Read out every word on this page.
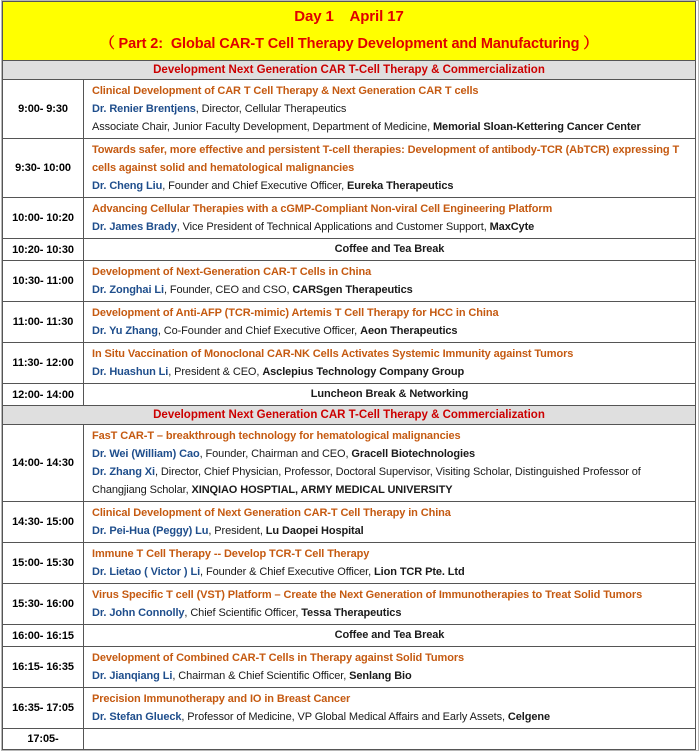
Day 1    April 17
（ Part 2:  Global CAR-T Cell Therapy Development and Manufacturing ）	

Development Next Generation CAR T-Cell Therapy & Commercialization	
9:00- 9:30	Clinical Development of CAR T Cell Therapy & Next Generation CAR T cells
Dr. Renier Brentjens, Director, Cellular Therapeutics
Associate Chair, Junior Faculty Development, Department of Medicine, Memorial Sloan-Kettering Cancer Center

9:30- 10:00	Towards safer, more effective and persistent T-cell therapies: Development of antibody-TCR (AbTCR) expressing T cells against solid and hematological malignancies
Dr. Cheng Liu, Founder and Chief Executive Officer, Eureka Therapeutics

10:00- 10:20	Advancing Cellular Therapies with a cGMP-Compliant Non-viral Cell Engineering Platform
Dr. James Brady, Vice President of Technical Applications and Customer Support, MaxCyte

10:20- 10:30	Coffee and Tea Break
10:30- 11:00	Development of Next-Generation CAR-T Cells in China
Dr. Zonghai Li, Founder, CEO and CSO, CARSgen Therapeutics

11:00- 11:30	Development of Anti-AFP (TCR-mimic) Artemis T Cell Therapy for HCC in China
Dr. Yu Zhang, Co-Founder and Chief Executive Officer, Aeon Therapeutics

11:30- 12:00	In Situ Vaccination of Monoclonal CAR-NK Cells Activates Systemic Immunity against Tumors
Dr. Huashun Li, President & CEO, Asclepius Technology Company Group

12:00- 14:00	Luncheon Break & Networking
Development Next Generation CAR T-Cell Therapy & Commercialization	
14:00- 14:30	FasT CAR-T – breakthrough technology for hematological malignancies
Dr. Wei (William) Cao, Founder, Chairman and CEO, Gracell Biotechnologies
Dr. Zhang Xi, Director, Chief Physician, Professor, Doctoral Supervisor, Visiting Scholar, Distinguished Professor of Changjiang Scholar, XINQIAO HOSPTIAL, ARMY MEDICAL UNIVERSITY

14:30- 15:00	Clinical Development of Next Generation CAR-T Cell Therapy in China
Dr. Pei-Hua (Peggy) Lu, President, Lu Daopei Hospital

15:00- 15:30	Immune T Cell Therapy -- Develop TCR-T Cell Therapy
Dr. Lietao ( Victor ) Li, Founder & Chief Executive Officer, Lion TCR Pte. Ltd

15:30- 16:00	Virus Specific T cell (VST) Platform – Create the Next Generation of Immunotherapies to Treat Solid Tumors
Dr. John Connolly, Chief Scientific Officer, Tessa Therapeutics

16:00- 16:15	Coffee and Tea Break
16:15- 16:35	Development of Combined CAR-T Cells in Therapy against Solid Tumors
Dr. Jianqiang Li, Chairman & Chief Scientific Officer, Senlang Bio

16:35- 17:05	Precision Immunotherapy and IO in Breast Cancer
Dr. Stefan Glueck, Professor of Medicine, VP Global Medical Affairs and Early Assets, Celgene

17:05-	
